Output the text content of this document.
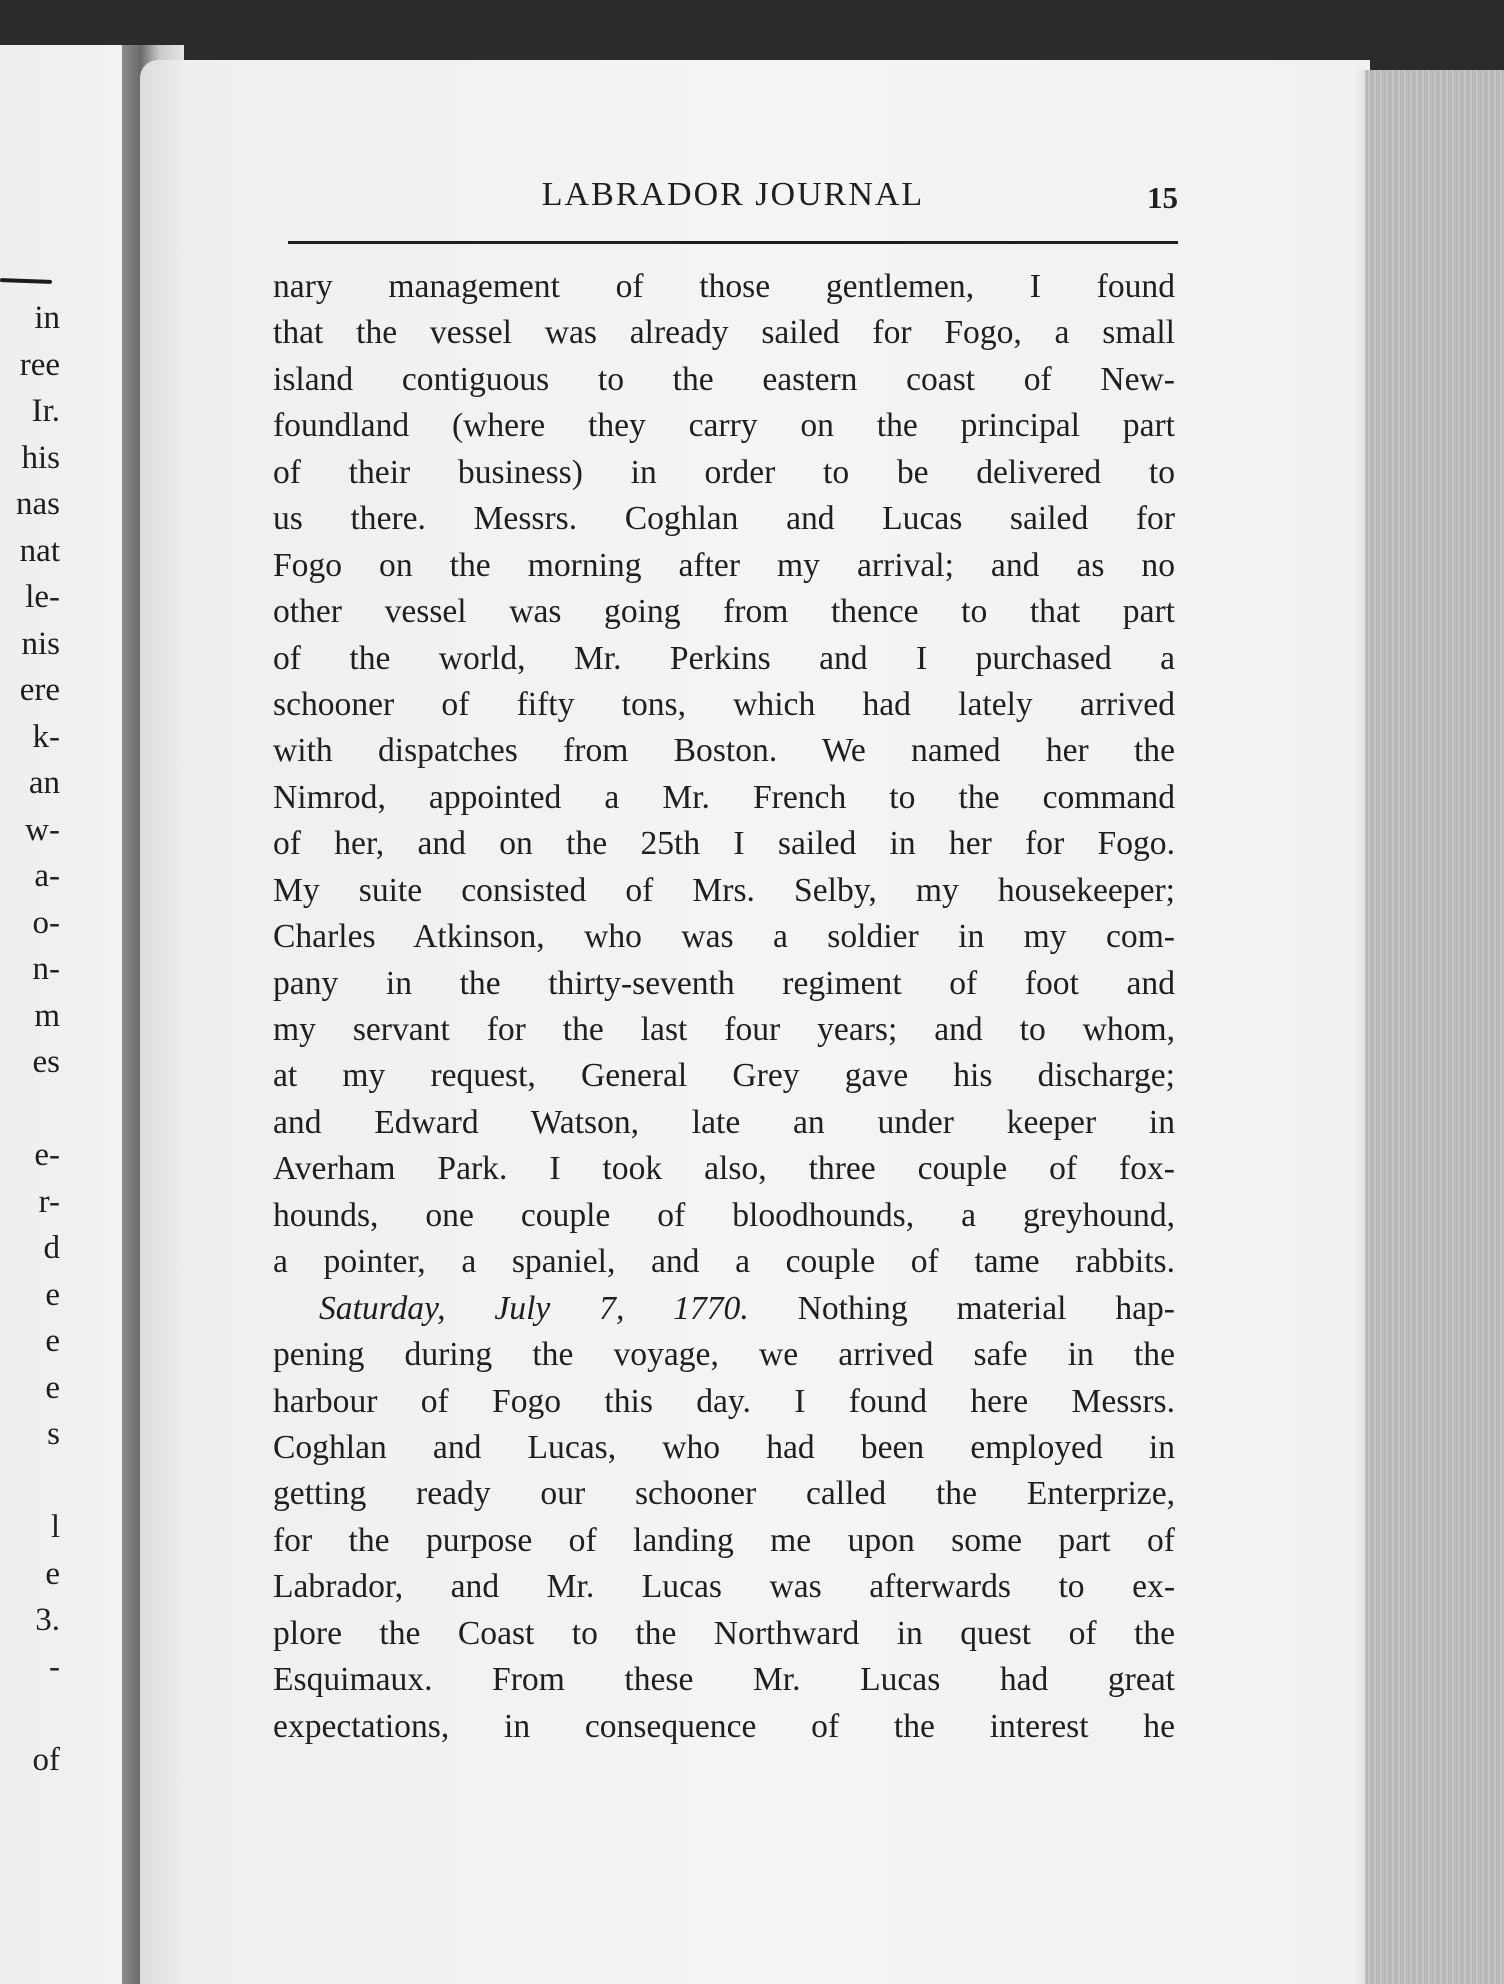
in
ree
Ir.
his
nas
nat
le-
nis
ere
k-
an
w-
a-
o-
n-
m
es
e-
r-
d
e
e
e
s
l
e
3.
-
of
LABRADOR JOURNAL	15
nary management of those gentlemen, I found
that the vessel was already sailed for Fogo, a small
island contiguous to the eastern coast of New-
foundland (where they carry on the principal part
of their business) in order to be delivered to
us there. Messrs. Coghlan and Lucas sailed for
Fogo on the morning after my arrival; and as no
other vessel was going from thence to that part
of the world, Mr. Perkins and I purchased a
schooner of fifty tons, which had lately arrived
with dispatches from Boston. We named her the
Nimrod, appointed a Mr. French to the command
of her, and on the 25th I sailed in her for Fogo.
My suite consisted of Mrs. Selby, my housekeeper;
Charles Atkinson, who was a soldier in my com-
pany in the thirty-seventh regiment of foot and
my servant for the last four years; and to whom,
at my request, General Grey gave his discharge;
and Edward Watson, late an under keeper in
Averham Park. I took also, three couple of fox-
hounds, one couple of bloodhounds, a greyhound,
a pointer, a spaniel, and a couple of tame rabbits.
Saturday, July 7, 1770. Nothing material hap-
pening during the voyage, we arrived safe in the
harbour of Fogo this day. I found here Messrs.
Coghlan and Lucas, who had been employed in
getting ready our schooner called the Enterprize,
for the purpose of landing me upon some part of
Labrador, and Mr. Lucas was afterwards to ex-
plore the Coast to the Northward in quest of the
Esquimaux. From these Mr. Lucas had great
expectations, in consequence of the interest he
